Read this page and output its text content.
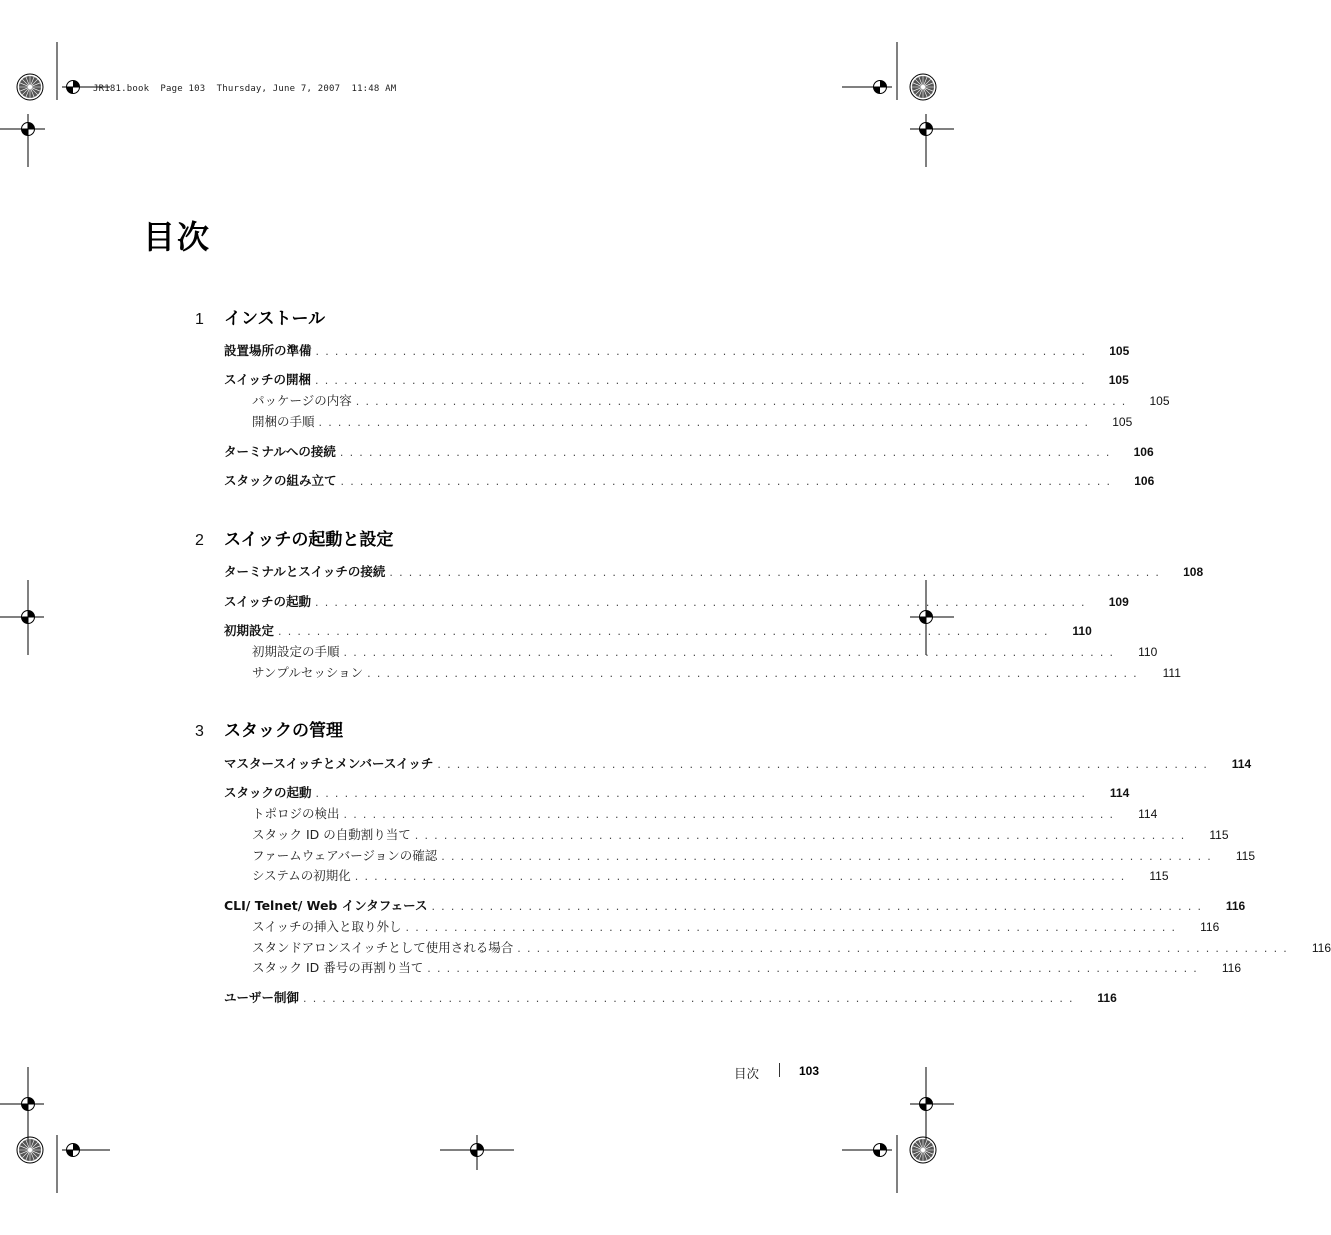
JR181.book  Page 103  Thursday, June 7, 2007  11:48 AM
目次
1	インストール
設置場所の準備 ................................................................................ 105
スイッチの開梱 ................................................................................ 105
パッケージの内容 ................................................................................ 105
開梱の手順 ................................................................................ 105
ターミナルへの接続 ................................................................................ 106
スタックの組み立て ................................................................................ 106
2	スイッチの起動と設定
ターミナルとスイッチの接続 ................................................................................ 108
スイッチの起動 ................................................................................ 109
初期設定 ................................................................................ 110
初期設定の手順 ................................................................................ 110
サンプルセッション ................................................................................ 111
3	スタックの管理
マスタースイッチとメンバースイッチ ................................................................................ 114
スタックの起動 ................................................................................ 114
トポロジの検出 ................................................................................ 114
スタック ID の自動割り当て ................................................................................ 115
ファームウェアバージョンの確認 ................................................................................ 115
システムの初期化 ................................................................................ 115
CLI/ Telnet/ Web インタフェース ................................................................................ 116
スイッチの挿入と取り外し ................................................................................ 116
スタンドアロンスイッチとして使用される場合 ................................................................................ 116
スタック ID 番号の再割り当て ................................................................................ 116
ユーザー制御 ................................................................................ 116
目次	103
